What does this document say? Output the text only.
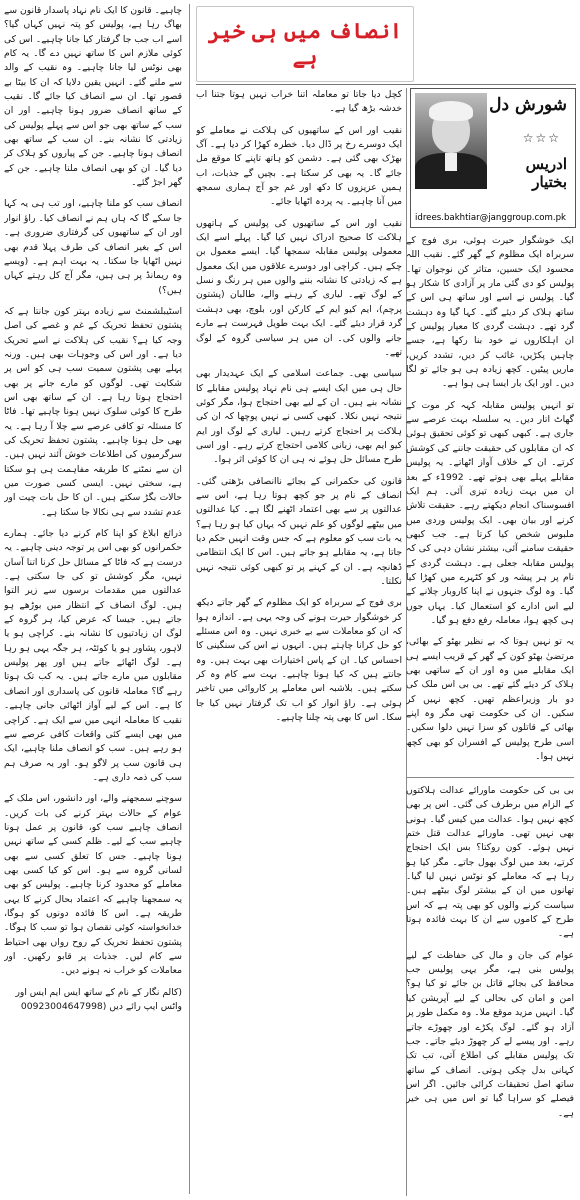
انصاف میں ہی خیر ہے
شورش دل
☆☆☆
ادریس بختیار
idrees.bakhtiar@janggroup.com.pk

ایک خوشگوار حیرت ہوئی، بری فوج کے سربراہ ایک مظلوم کے گھر گئے۔ نقیب اللہ محسود ایک حسین، متاثر کن نوجوان تھا۔ پولیس کو دی گئی مار پر آزادی کا شکار ہو گیا۔ پولیس نے اسے اور ساتھ ہی اس کے ساتھ ہلاک کر دیئے گئے۔ کہا گیا وہ دہشت گرد تھے۔ دہشت گردی کا معیار پولیس کے ان اہلکاروں نے خود بنا رکھا ہے، جسے چاہیں پکڑیں، غائب کر دیں، تشدد کریں، ماریں پیٹیں۔ کچھ زیادہ ہی ہو جائے تو لگا دیں۔ اور ایک بار ایسا ہی ہوا ہے۔

تو انہیں پولیس مقابلہ کہہ کر موت کے گھاٹ اتار دیں۔ یہ سلسلہ بہت عرصے سے جاری ہے۔ کبھی کبھی تو کوئی تحقیق ہوئی کہ ان مقابلوں کی حقیقت جاننے کی کوشش کرتے۔ ان کے خلاف آواز اٹھاتے۔ یہ پولیس مقابلے پہلے بھی ہوتے تھے۔ 1992ء کے بعد ان میں بہت زیادہ تیزی آئی۔ ہم ایک افسوسناک انجام دیکھتے رہے۔ حقیقت تلاش کرنے اور بیان بھی۔ ایک پولیس وردی میں ملبوس شخص کیا کرتا ہے۔ جب کبھی حقیقت سامنے آئی، بیشتر نشان دہی کی کہ پولیس مقابلہ جعلی ہے۔ دہشت گردی کے نام پر ہر پیشہ ور کو کٹہرے میں کھڑا کیا گیا۔ وہ لوگ جنہوں نے اپنا کاروبار چلانے کے لیے اس ادارے کو استعمال کیا۔ یہاں جوں ہی کچھ ہوا، معاملہ رفع دفع ہو گیا۔

یہ تو نہیں ہوتا کہ بے نظیر بھٹو کے بھائی، مرتضیٰ بھٹو کون کے گھر کے قریب ایسے ہی ایک مقابلے میں وہ اور ان کے ساتھی بھی ہلاک کر دیئے گئے تھے۔ بی بی اس ملک کی دو بار وزیراعظم تھیں۔ کچھ نہیں کر سکیں۔ ان کی حکومت تھی مگر وہ اپنے بھائی کے قاتلوں کو سزا نہیں دلوا سکیں۔ اسی طرح پولیس کے افسران کو بھی کچھ نہیں ہوا۔

بی بی کی حکومت ماورائے عدالت ہلاکتوں کے الزام میں برطرف کی گئی۔ اس پر بھی کچھ نہیں ہوا۔ عدالت میں کیس گیا۔ ہونی بھی نہیں تھی۔ ماورائے عدالت قتل ختم نہیں ہوئے۔ کون روکتا؟ بس ایک احتجاج کرتے، بعد میں لوگ بھول جاتے۔ مگر کیا ہو رہا ہے کہ معاملے کو نوٹس نہیں لیا گیا۔ تھانوں میں ان کے بیشتر لوگ بیٹھے ہیں۔ سیاست کرنے والوں کو بھی پتہ ہے کہ اس طرح کے کاموں سے ان کا بہت فائدہ ہوتا ہے۔

عوام کی جان و مال کی حفاظت کے لیے پولیس بنی ہے، مگر یہی پولیس جب محافظ کی بجائے قاتل بن جائے تو کیا ہو؟ امن و امان کی بحالی کے لیے آپریشن کیا گیا۔ انہیں مزید موقع ملا۔ وہ مکمل طور پر آزاد ہو گئے۔ لوگ پکڑے اور چھوڑے جاتے رہے۔ اور پیسے لے کر چھوڑ دیئے جاتے۔ جب تک پولیس مقابلے کی اطلاع آتی، تب تک کہانی بدل چکی ہوتی۔ انصاف کے ساتھ ساتھ اصل تحقیقات کرائی جائیں۔ اگر اس فیصلے کو سراہا گیا تو اس میں ہی خیر ہے۔

کچل دیا جاتا تو معاملہ اتنا خراب نہیں ہوتا جتنا اب خدشہ بڑھ گیا ہے۔

نقیب اور اس کے ساتھیوں کی ہلاکت نے معاملے کو ایک دوسرے رخ پر ڈال دیا۔ خطرہ کھڑا کر دیا ہے۔ آگ بھڑک بھی گئی ہے۔ دشمن کو ہاتھ تاپنے کا موقع مل جائے گا۔ یہ بھی کر سکتا ہے۔ بچیں گے جذبات، اب ہمیں عزیزوں کا دکھ اور غم جو آج ہماری سمجھ میں آنا چاہیے۔ یہ پردہ اٹھایا جائے۔

نقیب اور اس کے ساتھیوں کی پولیس کے ہاتھوں ہلاکت کا صحیح ادراک نہیں کیا گیا۔ پہلے اسے ایک معمولی پولیس مقابلہ سمجھا گیا۔ ایسے معمول بن چکے ہیں۔ کراچی اور دوسرے علاقوں میں ایک معمول ہے کہ زیادتی کا نشانہ بننے والوں میں ہر رنگ و نسل کے لوگ تھے۔ لیاری کے رہنے والے، طالبان (پشتون پرچم)، ایم کیو ایم کے کارکن اور، بلوچ، بھی دہشت گرد قرار دیئے گئے۔ ایک بہت طویل فہرست ہے مارے جانے والوں کی۔ ان میں ہر سیاسی گروہ کے لوگ تھے۔

سیاسی بھی۔ جماعت اسلامی کے ایک عہدیدار بھی حال ہی میں ایک ایسے ہی نام نہاد پولیس مقابلے کا نشانہ بنے ہیں۔ ان کے لیے بھی احتجاج ہوا، مگر کوئی نتیجہ نہیں نکلا۔ کبھی کسی نے نہیں پوچھا کہ ان کی ہلاکت پر احتجاج کرتے رہیں۔ لیاری کے لوگ اور ایم کیو ایم بھی، زبانی کلامی احتجاج کرتے رہے۔ اور اسی طرح مسائل حل ہوئے نہ ہی ان کا کوئی اثر ہوا۔

قانون کی حکمرانی کے بجائے ناانصافی بڑھتی گئی۔ انصاف کے نام پر جو کچھ ہوتا رہا ہے، اس سے عدالتوں پر سے بھی اعتماد اٹھنے لگا ہے۔ کیا عدالتوں میں بیٹھے لوگوں کو علم نہیں کہ یہاں کیا ہو رہا ہے؟ یہ بات سب کو معلوم ہے کہ جس وقت انہیں حکم دیا جاتا ہے، یہ مقابلے ہو جاتے ہیں۔ اس کا ایک انتظامی ڈھانچہ ہے۔ ان کے کہنے پر تو کبھی کوئی نتیجہ نہیں نکلتا۔

بری فوج کے سربراہ کو ایک مظلوم کے گھر جاتے دیکھ کر خوشگوار حیرت ہونے کی وجہ یہی ہے۔ اندازہ ہوا کہ ان کو معاملات سے بے خبری نہیں۔ وہ اس مسئلے کو حل کرانا چاہتے ہیں۔ انہوں نے اس کی سنگینی کا احساس کیا۔ ان کے پاس اختیارات بھی بہت ہیں۔ وہ جانتے ہیں کہ کیا ہونا چاہیے۔ بہت سے کام وہ کر سکتے ہیں۔ بلاشبہ اس معاملے پر کاروائی میں تاخیر ہوئی ہے۔ راؤ انوار کو اب تک گرفتار نہیں کیا جا سکا۔ اس کا بھی پتہ چلنا چاہیے۔

چاہیے۔ قانون کا ایک نام نہاد پاسدار قانون سے بھاگ رہا ہے، پولیس کو پتہ نہیں کہاں گیا؟ اسے اب جب جا گرفتار کیا جانا چاہیے۔ اس کی کوئی ملازم اس کا ساتھ نہیں دے گا۔ یہ کام بھی نوٹس لیا جانا چاہیے۔ وہ نقیب کے والد سے ملنے گئے۔ انہیں یقین دلایا کہ ان کا بیٹا بے قصور تھا۔ ان سے انصاف کیا جائے گا۔ نقیب کے ساتھ انصاف ضرور ہونا چاہیے۔ اور ان سب کے ساتھ بھی جو اس سے پہلے پولیس کی زیادتی کا نشانہ بنے۔ ان سب کے ساتھ بھی انصاف ہونا چاہیے۔ جن کے پیاروں کو ہلاک کر دیا گیا۔ ان کو بھی انصاف ملنا چاہیے۔ جن کے گھر اجڑ گئے۔

انصاف سب کو ملنا چاہیے، اور تب ہی یہ کہا جا سکے گا کہ ہاں ہم نے انصاف کیا۔ راؤ انوار اور ان کے ساتھیوں کی گرفتاری ضروری ہے۔ اس کے بغیر انصاف کی طرف پہلا قدم بھی نہیں اٹھایا جا سکتا۔ یہ بہت اہم ہے۔ (ویسے وہ ریمانڈ پر ہی ہیں، مگر آج کل رہتے کہاں ہیں؟)

اسٹیبلشمنٹ سے زیادہ بہتر کون جانتا ہے کہ پشتون تحفظ تحریک کے غم و غصے کی اصل وجہ کیا ہے؟ نقیب کی ہلاکت نے اسے تحریک دیا ہے۔ اور اس کی وجوہات بھی ہیں۔ ورنہ پہلے بھی پشتون سمیت سب ہی کو اس پر شکایت تھی۔ لوگوں کو مارے جانے پر بھی احتجاج ہوتا رہا ہے۔ ان کے ساتھ بھی اس طرح کا کوئی سلوک نہیں ہونا چاہیے تھا۔ فاٹا کا مسئلہ تو کافی عرصے سے چلا آ رہا ہے۔ یہ بھی حل ہونا چاہیے۔ پشتون تحفظ تحریک کی سرگرمیوں کی اطلاعات خوش آئند نہیں ہیں۔ ان سے نمٹنے کا طریقہ مفاہمت ہی ہو سکتا ہے، سختی نہیں۔ ایسی کسی صورت میں حالات بگڑ سکتے ہیں۔ ان کا حل بات چیت اور عدم تشدد سے ہی نکالا جا سکتا ہے۔

ذرائع ابلاغ کو اپنا کام کرنے دیا جائے۔ ہمارے حکمرانوں کو بھی اس پر توجہ دینی چاہیے۔ یہ درست ہے کہ فاٹا کے مسائل حل کرنا اتنا آسان نہیں، مگر کوشش تو کی جا سکتی ہے۔ عدالتوں میں مقدمات برسوں سے زیر التوا ہیں۔ لوگ انصاف کے انتظار میں بوڑھے ہو جاتے ہیں۔ جیسا کہ عرض کیا، ہر گروہ کے لوگ ان زیادتیوں کا نشانہ بنے۔ کراچی ہو یا لاہور، پشاور ہو یا کوئٹہ، ہر جگہ یہی ہو رہا ہے۔ لوگ اٹھائے جاتے ہیں اور پھر پولیس مقابلوں میں مارے جاتے ہیں۔ یہ کب تک ہوتا رہے گا؟ معاملہ قانون کی پاسداری اور انصاف کا ہے۔ اس کے لیے آواز اٹھائی جانی چاہیے۔ نقیب کا معاملہ انہی میں سے ایک ہے۔ کراچی میں بھی ایسے کئی واقعات کافی عرصے سے ہو رہے ہیں۔ سب کو انصاف ملنا چاہیے، ایک ہی قانون سب پر لاگو ہو۔ اور یہ صرف ہم سب کی ذمہ داری ہے۔

سوچنے سمجھنے والے، اور دانشور، اس ملک کے عوام کے حالات بہتر کرنے کی بات کریں۔ انصاف چاہیے سب کو، قانون پر عمل ہونا چاہیے سب کے لیے۔ ظلم کسی کے ساتھ نہیں ہونا چاہیے۔ جس کا تعلق کسی سے بھی لسانی گروہ سے ہو۔ اس کو کیا کسی بھی معاملے کو محدود کرنا چاہیے۔ پولیس کو بھی یہ سمجھنا چاہیے کہ اعتماد بحال کرنے کا یہی طریقہ ہے۔ اس کا فائدہ دونوں کو ہوگا، خدانخواستہ کوئی نقصان ہوا تو سب کا ہوگا۔ پشتون تحفظ تحریک کے روح رواں بھی احتیاط سے کام لیں۔ جذبات پر قابو رکھیں۔ اور معاملات کو خراب نہ ہونے دیں۔

(کالم نگار کے نام کے ساتھ ایس ایم ایس اور واٹس ایپ رائے دیں 00923004647998)
